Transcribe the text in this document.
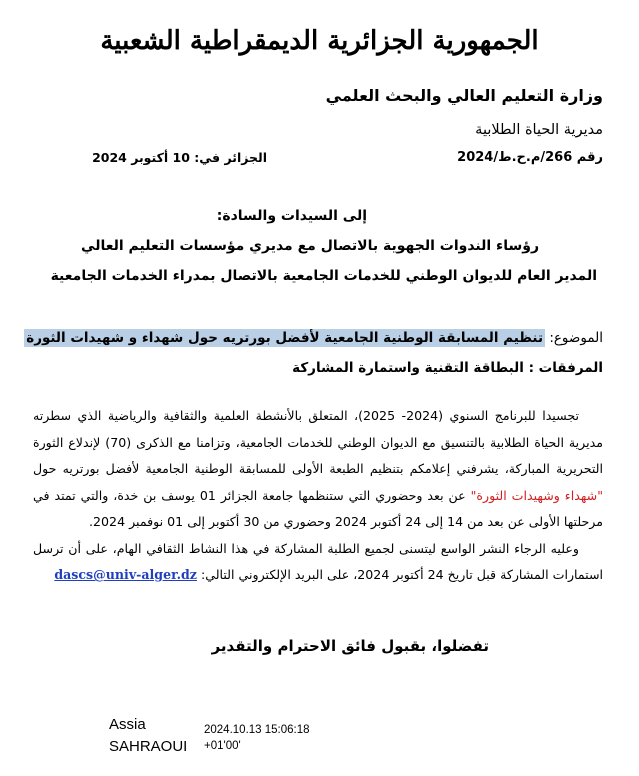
الجمهورية الجزائرية الديمقراطية الشعبية
وزارة التعليم العالي والبحث العلمي
مديرية الحياة الطلابية
رقم 266/م.ح.ط/2024
الجزائر في: 10 أكتوبر 2024
إلى السيدات والسادة:
رؤساء الندوات الجهوية بالاتصال مع مديري مؤسسات التعليم العالي
المدير العام للديوان الوطني للخدمات الجامعية بالاتصال بمدراء الخدمات الجامعية
الموضوع: تنظيم المسابقة الوطنية الجامعية لأفضل بورتريه حول شهداء و شهيدات الثورة
المرفقات : البطاقة التقنية واستمارة المشاركة

تجسيدا للبرنامج السنوي (2024- 2025)، المتعلق بالأنشطة العلمية والثقافية والرياضية الذي سطرته مديرية الحياة الطلابية بالتنسيق مع الديوان الوطني للخدمات الجامعية، وتزامنا مع الذكرى (70) لإندلاع الثورة التحريرية المباركة، يشرفني إعلامكم بتنظيم الطبعة الأولى للمسابقة الوطنية الجامعية لأفضل بورتريه حول "شهداء وشهيدات الثورة" عن بعد وحضوري التي ستنظمها جامعة الجزائر 01 يوسف بن خدة، والتي تمتد في مرحلتها الأولى عن بعد من 14 إلى 24 أكتوبر 2024 وحضوري من 30 أكتوبر إلى 01 نوفمبر 2024.

وعليه الرجاء النشر الواسع ليتسنى لجميع الطلبة المشاركة في هذا النشاط الثقافي الهام، على أن ترسل استمارات المشاركة قبل تاريخ 24 أكتوبر 2024، على البريد الإلكتروني التالي: dascs@univ-alger.dz

تفضلوا، بقبول فائق الاحترام والتقدير
Assia SAHRAOUI
2024.10.13 15:06:18 +01'00'
